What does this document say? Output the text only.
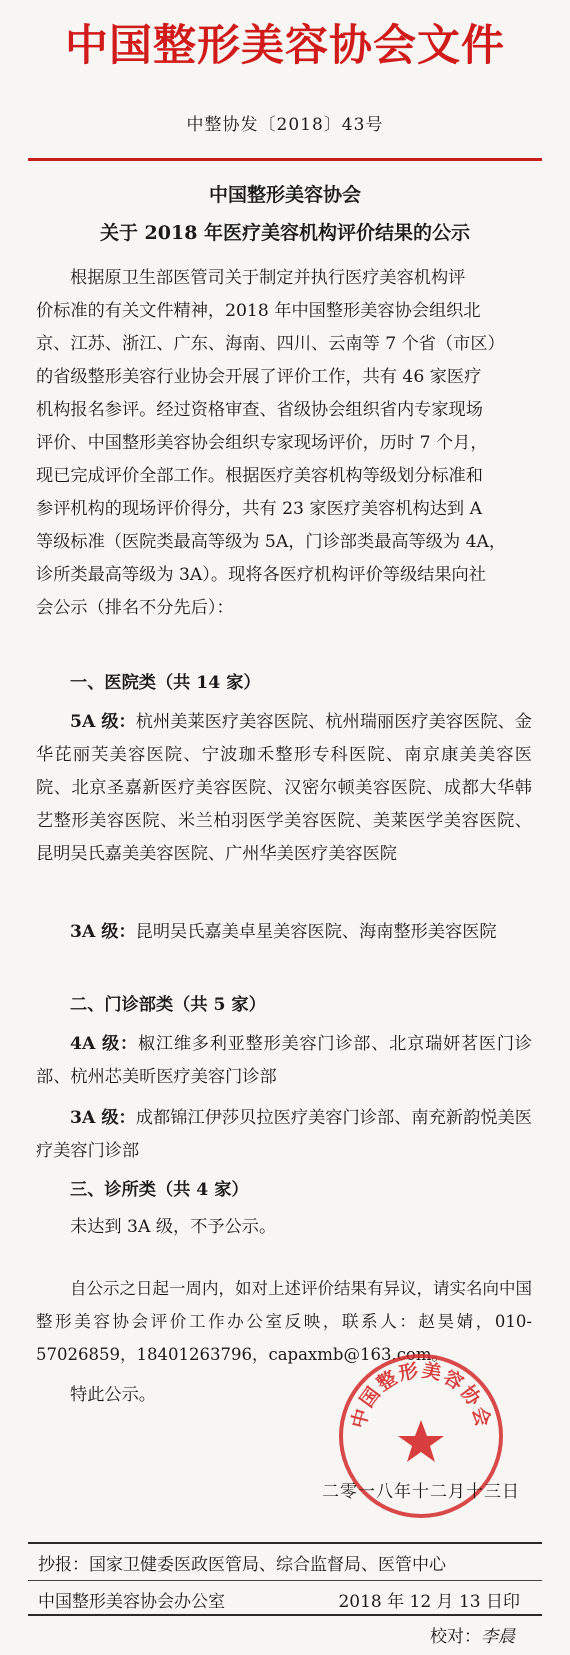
中国整形美容协会文件
中整协发〔2018〕43号
中国整形美容协会
关于 2018 年医疗美容机构评价结果的公示
根据原卫生部医管司关于制定并执行医疗美容机构评
价标准的有关文件精神，2018 年中国整形美容协会组织北
京、江苏、浙江、广东、海南、四川、云南等 7 个省（市区）
的省级整形美容行业协会开展了评价工作，共有 46 家医疗
机构报名参评。经过资格审查、省级协会组织省内专家现场
评价、中国整形美容协会组织专家现场评价，历时 7 个月，
现已完成评价全部工作。根据医疗美容机构等级划分标准和
参评机构的现场评价得分，共有 23 家医疗美容机构达到 A
等级标准（医院类最高等级为 5A，门诊部类最高等级为 4A，
诊所类最高等级为 3A）。现将各医疗机构评价等级结果向社
会公示（排名不分先后）：
一、医院类（共 14 家）
5A 级：杭州美莱医疗美容医院、杭州瑞丽医疗美容医院、金华芘丽芙美容医院、宁波珈禾整形专科医院、南京康美美容医院、北京圣嘉新医疗美容医院、汉密尔顿美容医院、成都大华韩艺整形美容医院、米兰柏羽医学美容医院、美莱医学美容医院、昆明吴氏嘉美美容医院、广州华美医疗美容医院
3A 级：昆明吴氏嘉美卓星美容医院、海南整形美容医院
二、门诊部类（共 5 家）
4A 级：椒江维多利亚整形美容门诊部、北京瑞妍茗医门诊部、杭州芯美昕医疗美容门诊部
3A 级：成都锦江伊莎贝拉医疗美容门诊部、南充新韵悦美医疗美容门诊部
三、诊所类（共 4 家）
未达到 3A 级，不予公示。
自公示之日起一周内，如对上述评价结果有异议，请实名向中国整形美容协会评价工作办公室反映，联系人：赵昊婧，010-57026859，18401263796，capaxmb@163.com。
特此公示。
中国整形美容协会
二零一八年十二月十三日
抄报：国家卫健委医政医管局、综合监督局、医管中心
中国整形美容协会办公室	2018 年 12 月 13 日印
校对：李晨
